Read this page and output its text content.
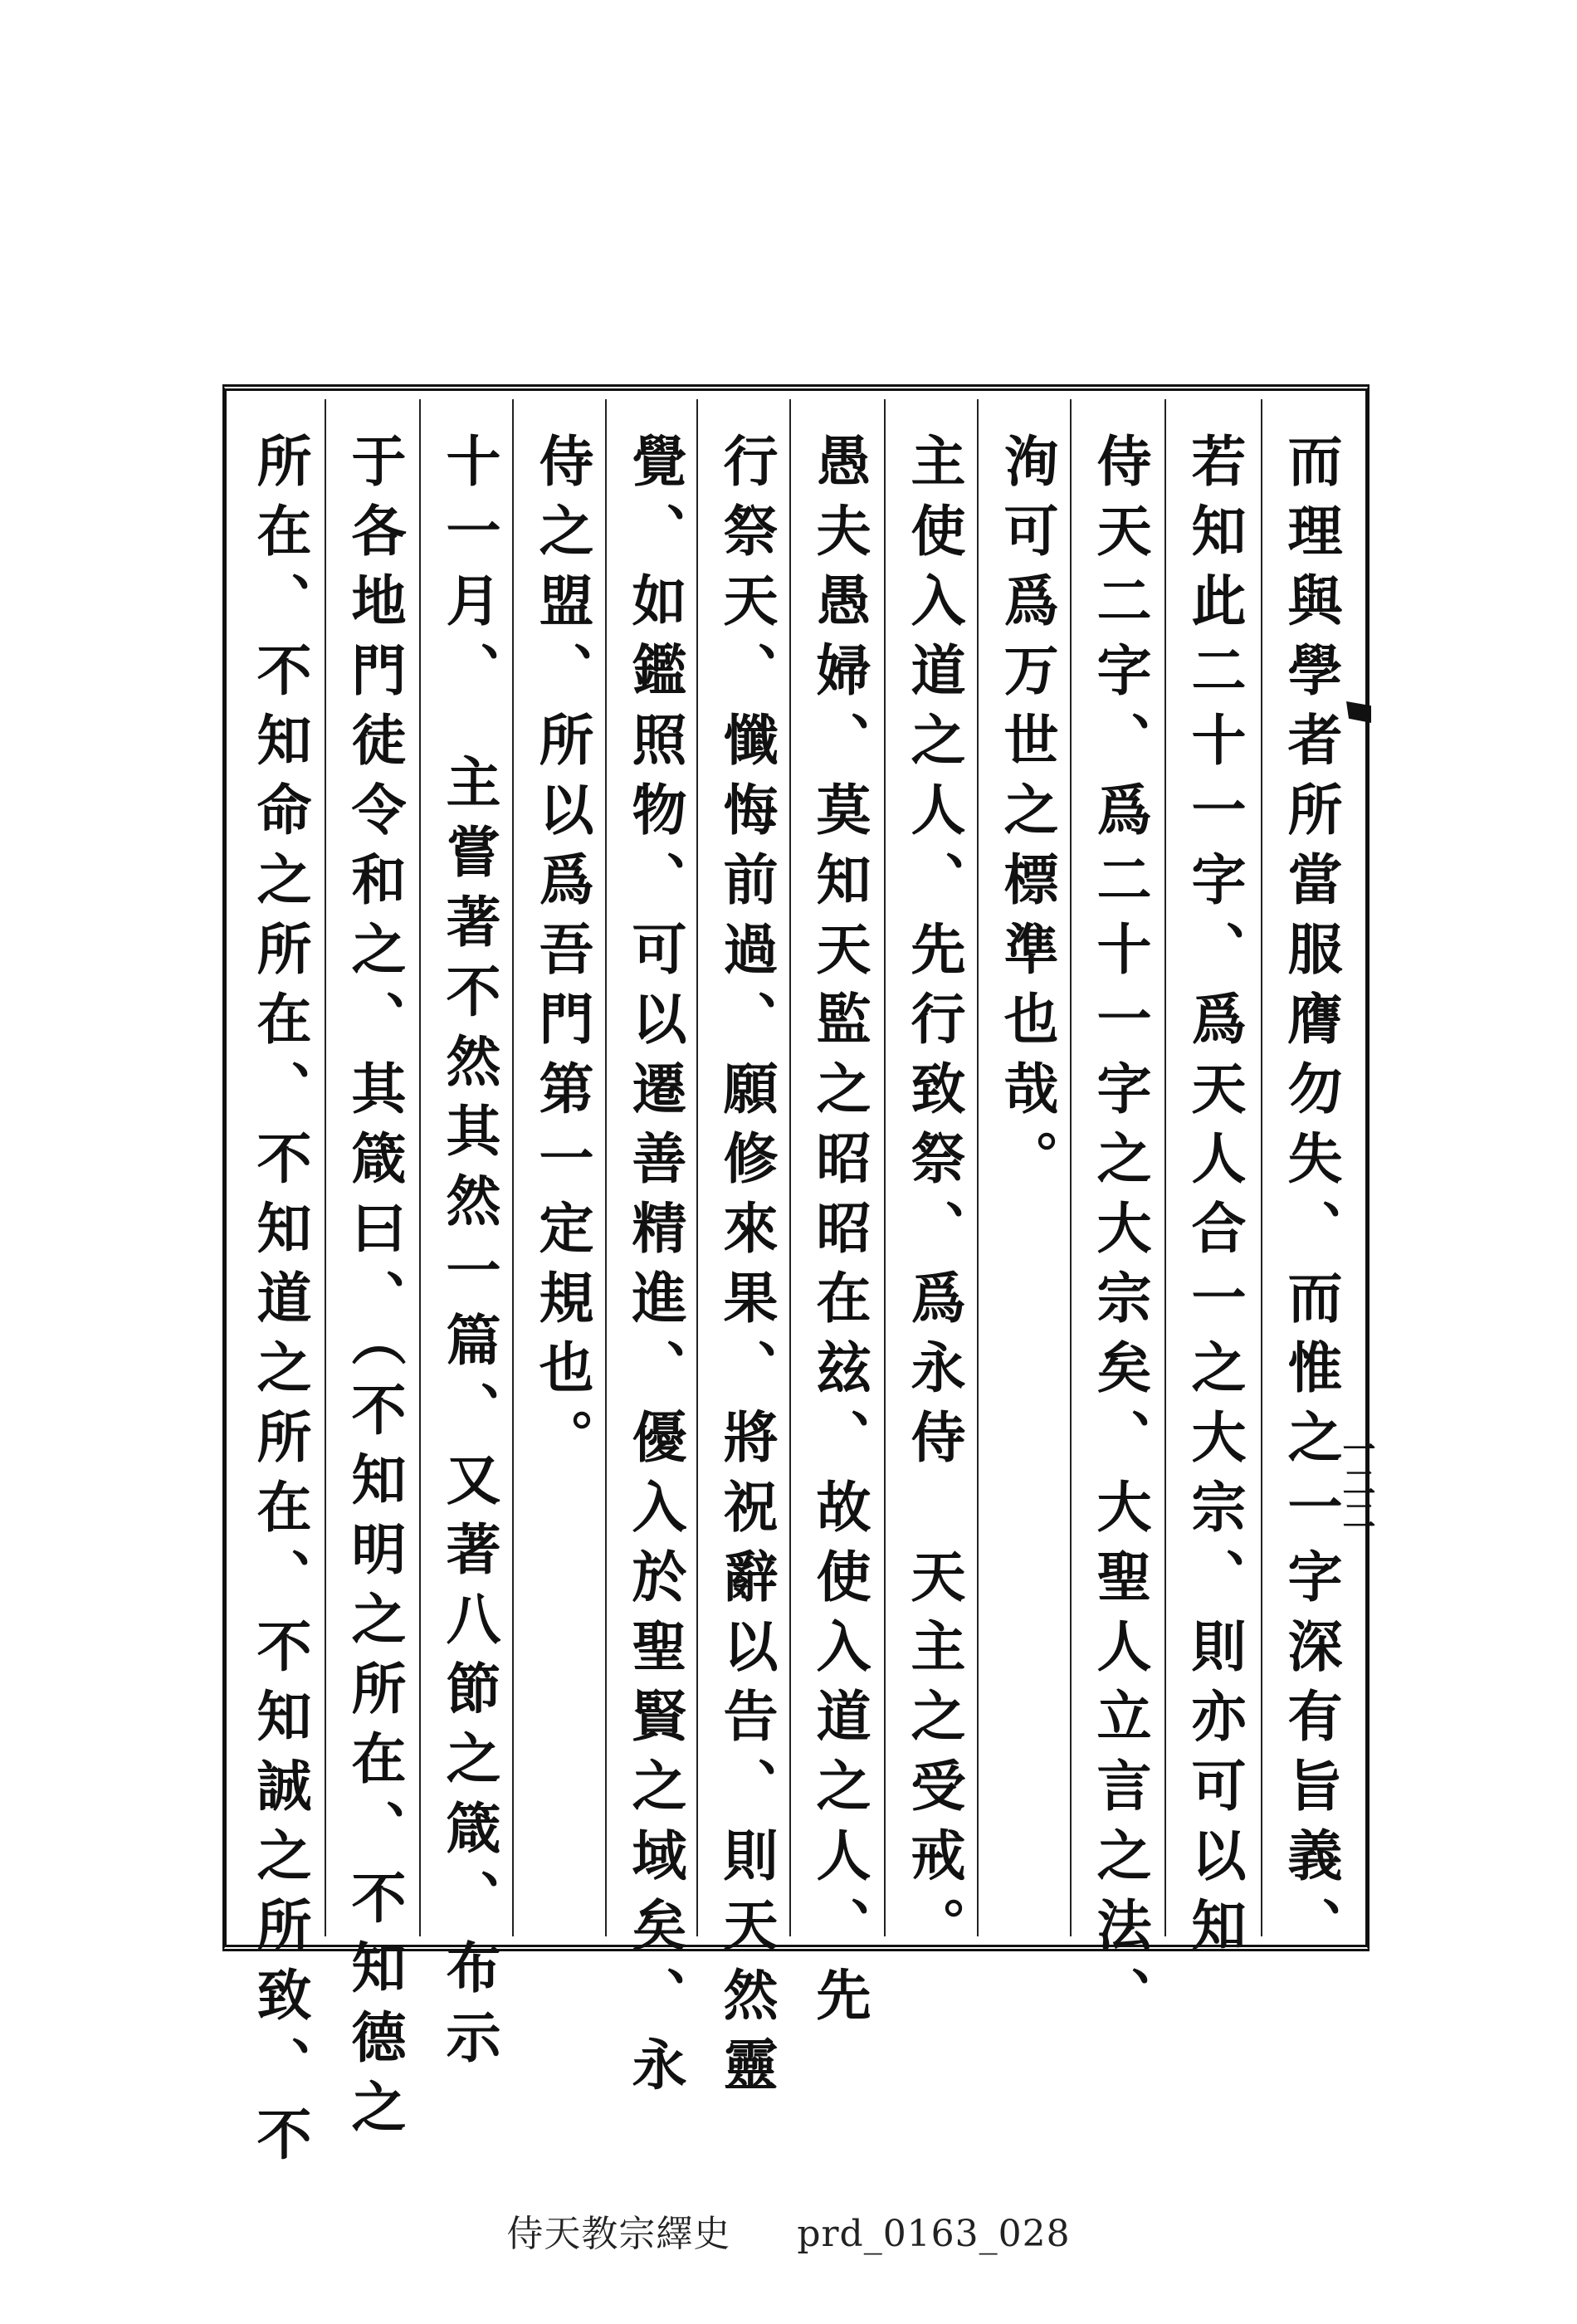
而理與學者所當服膺勿失、而惟之一字深有旨義、
若知此二十一字、爲天人合一之大宗、則亦可以知
侍天二字、爲二十一字之大宗矣、大聖人立言之法、
洵可爲万世之標準也哉。
主使入道之人、先行致祭、爲永侍　天主之受戒。
愚夫愚婦、莫知天監之昭昭在玆、故使入道之人、先
行祭天、懺悔前過、願修來果、將祝辭以告、則天然靈
覺、如鑑照物、可以遷善精進、優入於聖賢之域矣、永
侍之盟、所以爲吾門第一定規也。
十一月、　主嘗著不然其然一篇、又著八節之箴、布示
于各地門徒令和之、其箴曰、（不知明之所在、不知德之
所在、不知命之所在、不知道之所在、不知誠之所致、不	一二二
侍天教宗繹史 prd_0163_028
